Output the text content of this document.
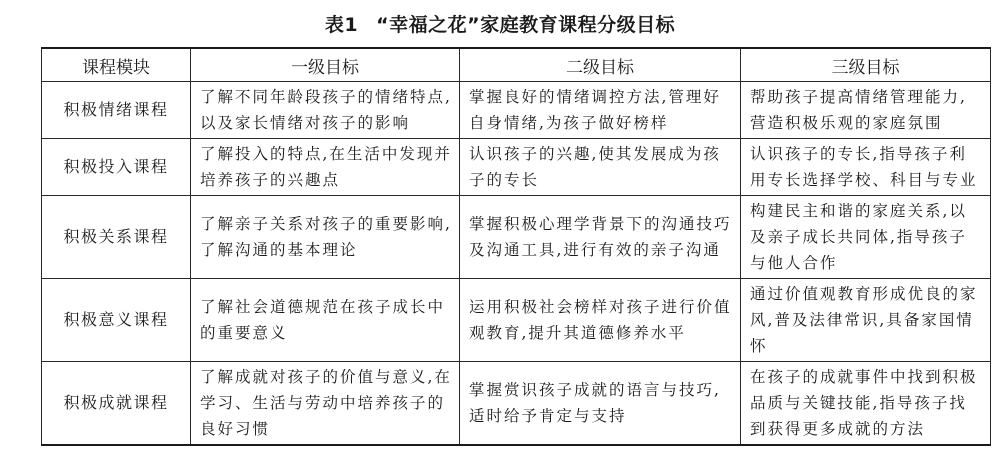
表1 “幸福之花”家庭教育课程分级目标
课程模块	一级目标	二级目标	三级目标
积极情绪课程	了解不同年龄段孩子的情绪特点,以及家长情绪对孩子的影响	掌握良好的情绪调控方法,管理好自身情绪,为孩子做好榜样	帮助孩子提高情绪管理能力,营造积极乐观的家庭氛围
积极投入课程	了解投入的特点,在生活中发现并培养孩子的兴趣点	认识孩子的兴趣,使其发展成为孩子的专长	认识孩子的专长,指导孩子利用专长选择学校、科目与专业
积极关系课程	了解亲子关系对孩子的重要影响,了解沟通的基本理论	掌握积极心理学背景下的沟通技巧及沟通工具,进行有效的亲子沟通	构建民主和谐的家庭关系,以及亲子成长共同体,指导孩子与他人合作
积极意义课程	了解社会道德规范在孩子成长中的重要意义	运用积极社会榜样对孩子进行价值观教育,提升其道德修养水平	通过价值观教育形成优良的家风,普及法律常识,具备家国情怀
积极成就课程	了解成就对孩子的价值与意义,在学习、生活与劳动中培养孩子的良好习惯	掌握赏识孩子成就的语言与技巧,适时给予肯定与支持	在孩子的成就事件中找到积极品质与关键技能,指导孩子找到获得更多成就的方法
